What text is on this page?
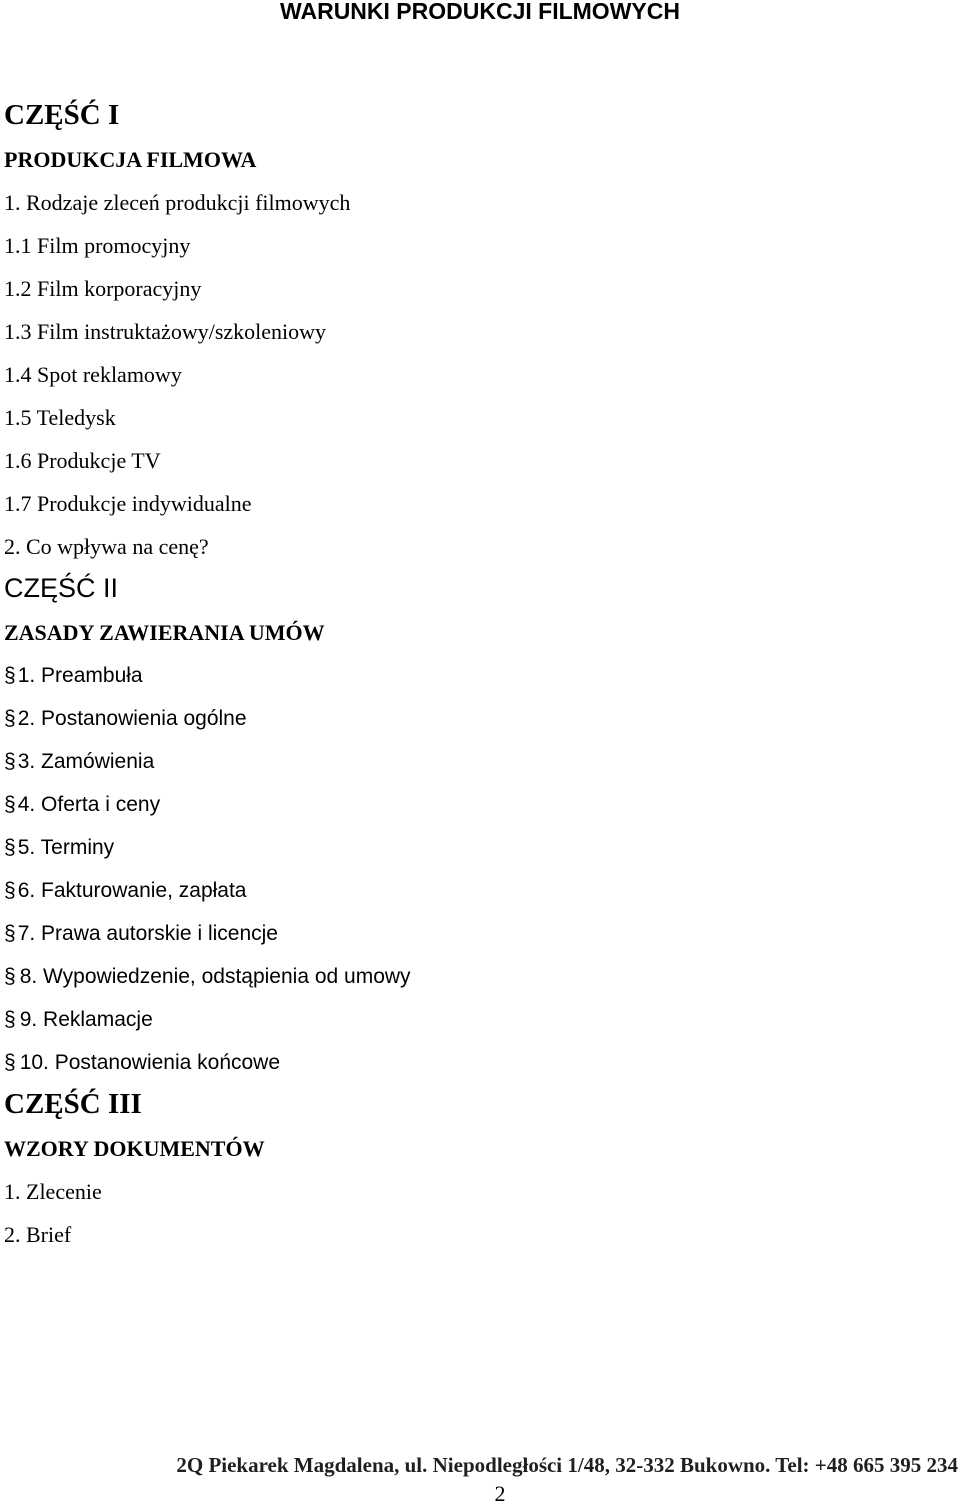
WARUNKI PRODUKCJI FILMOWYCH
CZĘŚĆ I
PRODUKCJA FILMOWA
1. Rodzaje zleceń produkcji filmowych
1.1 Film promocyjny
1.2 Film korporacyjny
1.3 Film instruktażowy/szkoleniowy
1.4 Spot reklamowy
1.5 Teledysk
1.6 Produkcje TV
1.7 Produkcje indywidualne
2. Co wpływa na cenę?
CZĘŚĆ II
ZASADY ZAWIERANIA UMÓW
§1. Preambuła
§2. Postanowienia ogólne
§3. Zamówienia
§4. Oferta i ceny
§5. Terminy
§6. Fakturowanie, zapłata
§7. Prawa autorskie i licencje
§ 8. Wypowiedzenie, odstąpienia od umowy
§ 9. Reklamacje
§ 10. Postanowienia końcowe
CZĘŚĆ III
WZORY DOKUMENTÓW
1. Zlecenie
2. Brief
2Q Piekarek Magdalena, ul. Niepodległości 1/48, 32-332 Bukowno. Tel: +48 665 395 234
2
